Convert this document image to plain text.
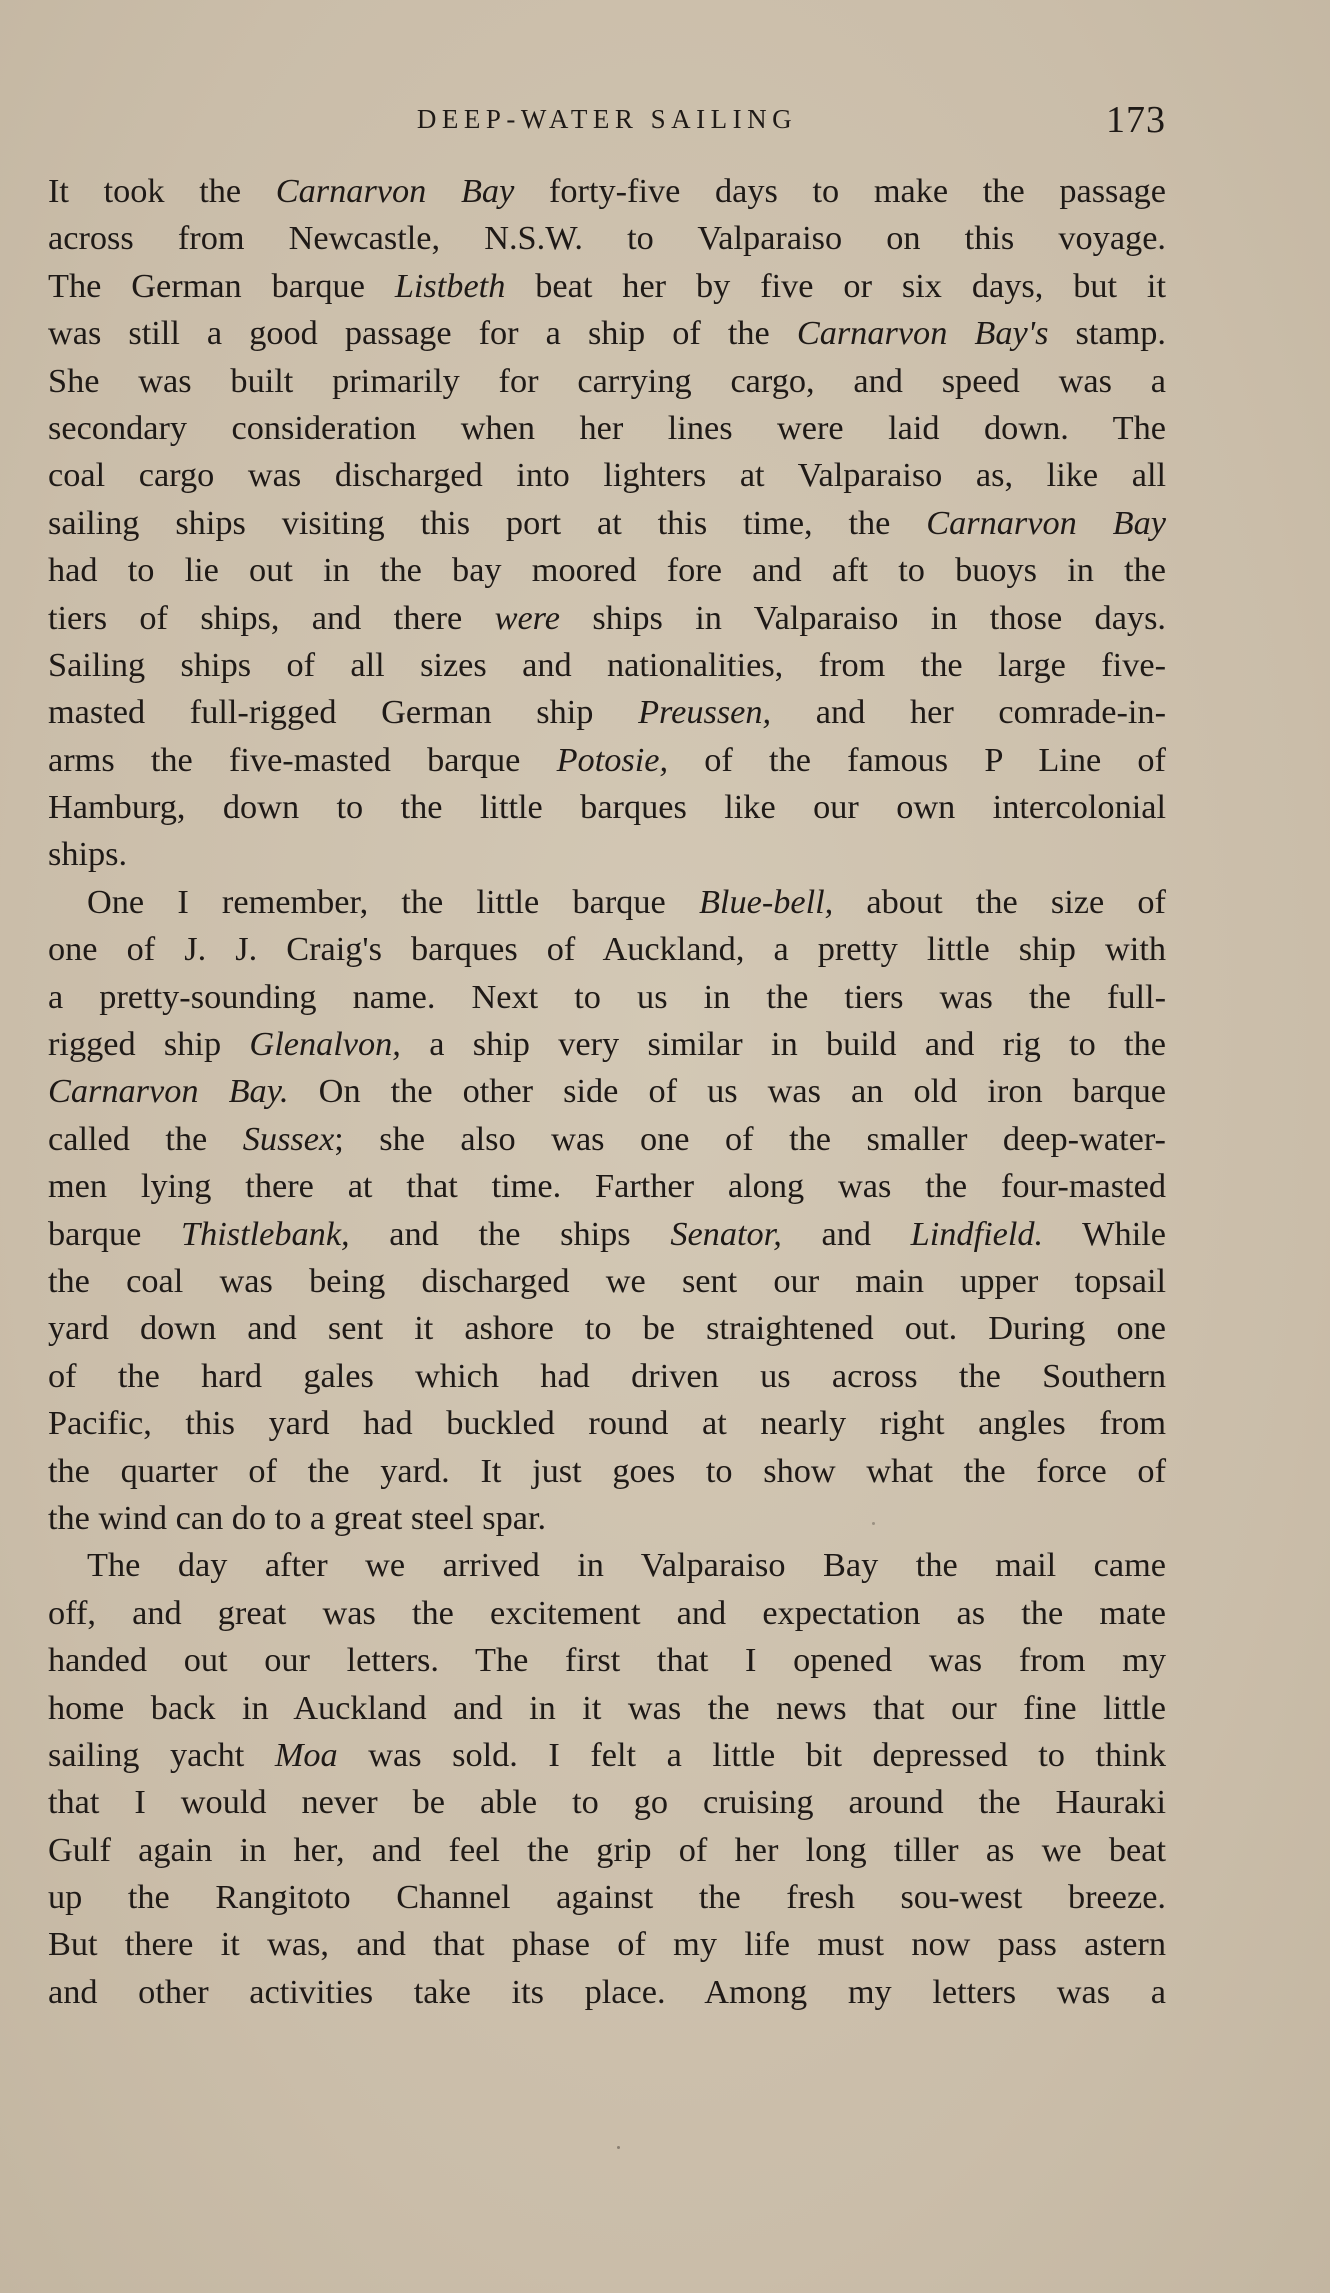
DEEP-WATER SAILING	173
It took the Carnarvon Bay forty-five days to make the passage
across from Newcastle, N.S.W. to Valparaiso on this voyage.
The German barque Listbeth beat her by five or six days, but it
was still a good passage for a ship of the Carnarvon Bay's stamp.
She was built primarily for carrying cargo, and speed was a
secondary consideration when her lines were laid down. The
coal cargo was discharged into lighters at Valparaiso as, like all
sailing ships visiting this port at this time, the Carnarvon Bay
had to lie out in the bay moored fore and aft to buoys in the
tiers of ships, and there were ships in Valparaiso in those days.
Sailing ships of all sizes and nationalities, from the large five-
masted full-rigged German ship Preussen, and her comrade-in-
arms the five-masted barque Potosie, of the famous P Line of
Hamburg, down to the little barques like our own intercolonial
ships.
One I remember, the little barque Blue-bell, about the size of
one of J. J. Craig's barques of Auckland, a pretty little ship with
a pretty-sounding name. Next to us in the tiers was the full-
rigged ship Glenalvon, a ship very similar in build and rig to the
Carnarvon Bay. On the other side of us was an old iron barque
called the Sussex; she also was one of the smaller deep-water-
men lying there at that time. Farther along was the four-masted
barque Thistlebank, and the ships Senator, and Lindfield. While
the coal was being discharged we sent our main upper topsail
yard down and sent it ashore to be straightened out. During one
of the hard gales which had driven us across the Southern
Pacific, this yard had buckled round at nearly right angles from
the quarter of the yard. It just goes to show what the force of
the wind can do to a great steel spar.
The day after we arrived in Valparaiso Bay the mail came
off, and great was the excitement and expectation as the mate
handed out our letters. The first that I opened was from my
home back in Auckland and in it was the news that our fine little
sailing yacht Moa was sold. I felt a little bit depressed to think
that I would never be able to go cruising around the Hauraki
Gulf again in her, and feel the grip of her long tiller as we beat
up the Rangitoto Channel against the fresh sou-west breeze.
But there it was, and that phase of my life must now pass astern
and other activities take its place. Among my letters was a
